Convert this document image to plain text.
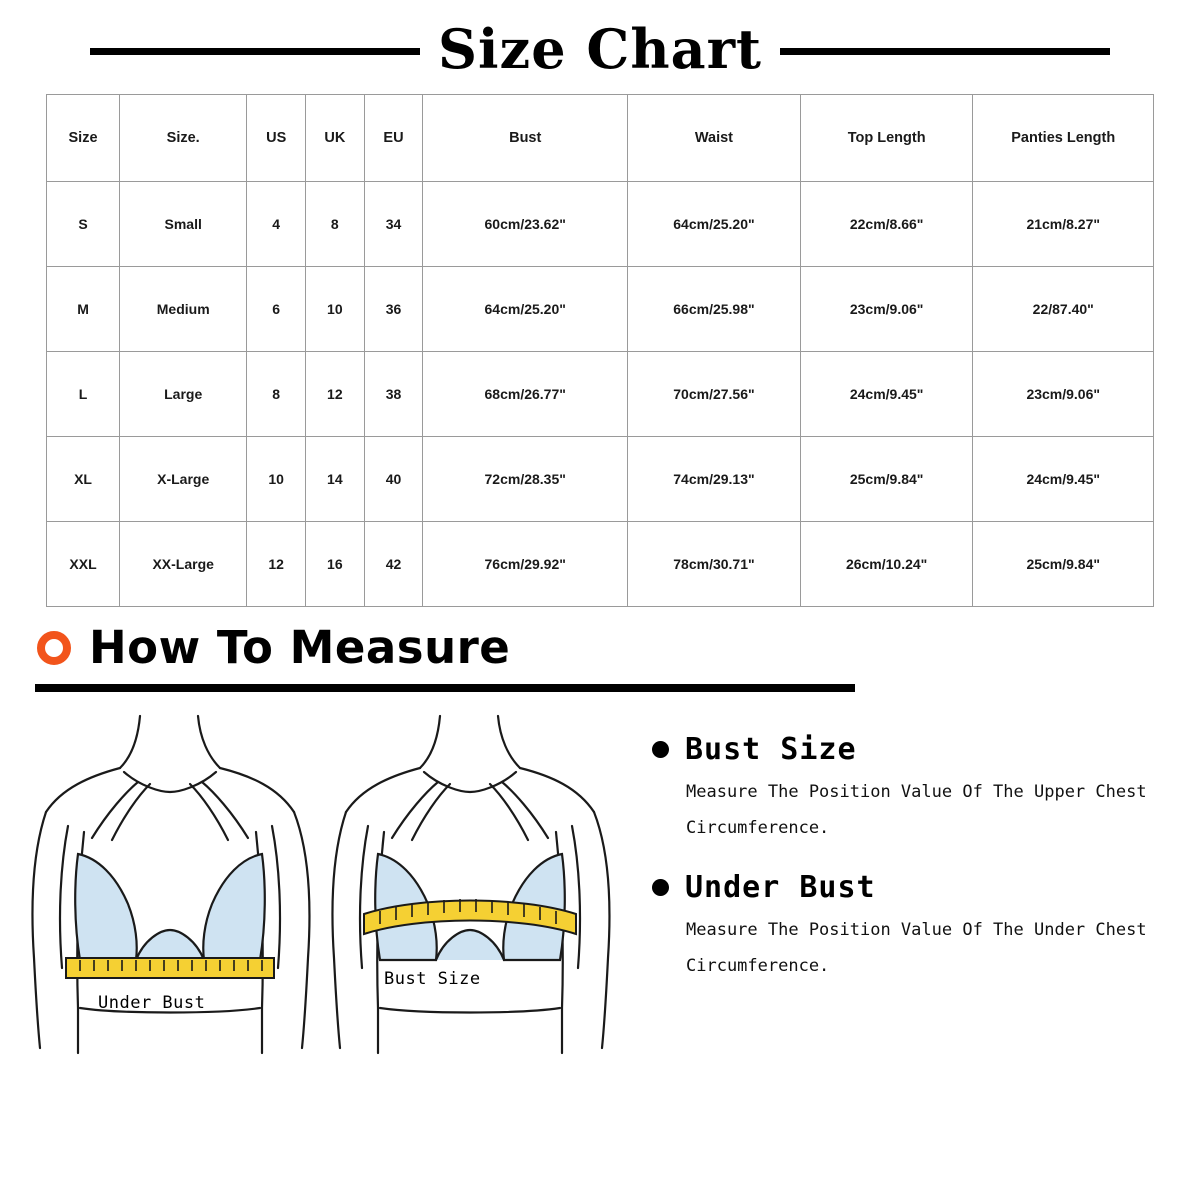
Size Chart
Size	Size.	US	UK	EU	Bust	Waist	Top Length	Panties Length
S	Small	4	8	34	60cm/23.62"	64cm/25.20"	22cm/8.66"	21cm/8.27"
M	Medium	6	10	36	64cm/25.20"	66cm/25.98"	23cm/9.06"	22/87.40"
L	Large	8	12	38	68cm/26.77"	70cm/27.56"	24cm/9.45"	23cm/9.06"
XL	X-Large	10	14	40	72cm/28.35"	74cm/29.13"	25cm/9.84"	24cm/9.45"
XXL	XX-Large	12	16	42	76cm/29.92"	78cm/30.71"	26cm/10.24"	25cm/9.84"
How To Measure
Under Bust
Bust Size
Bust Size
Measure The Position Value Of The Upper Chest Circumference.
Under Bust
Measure The Position Value Of The Under Chest Circumference.
